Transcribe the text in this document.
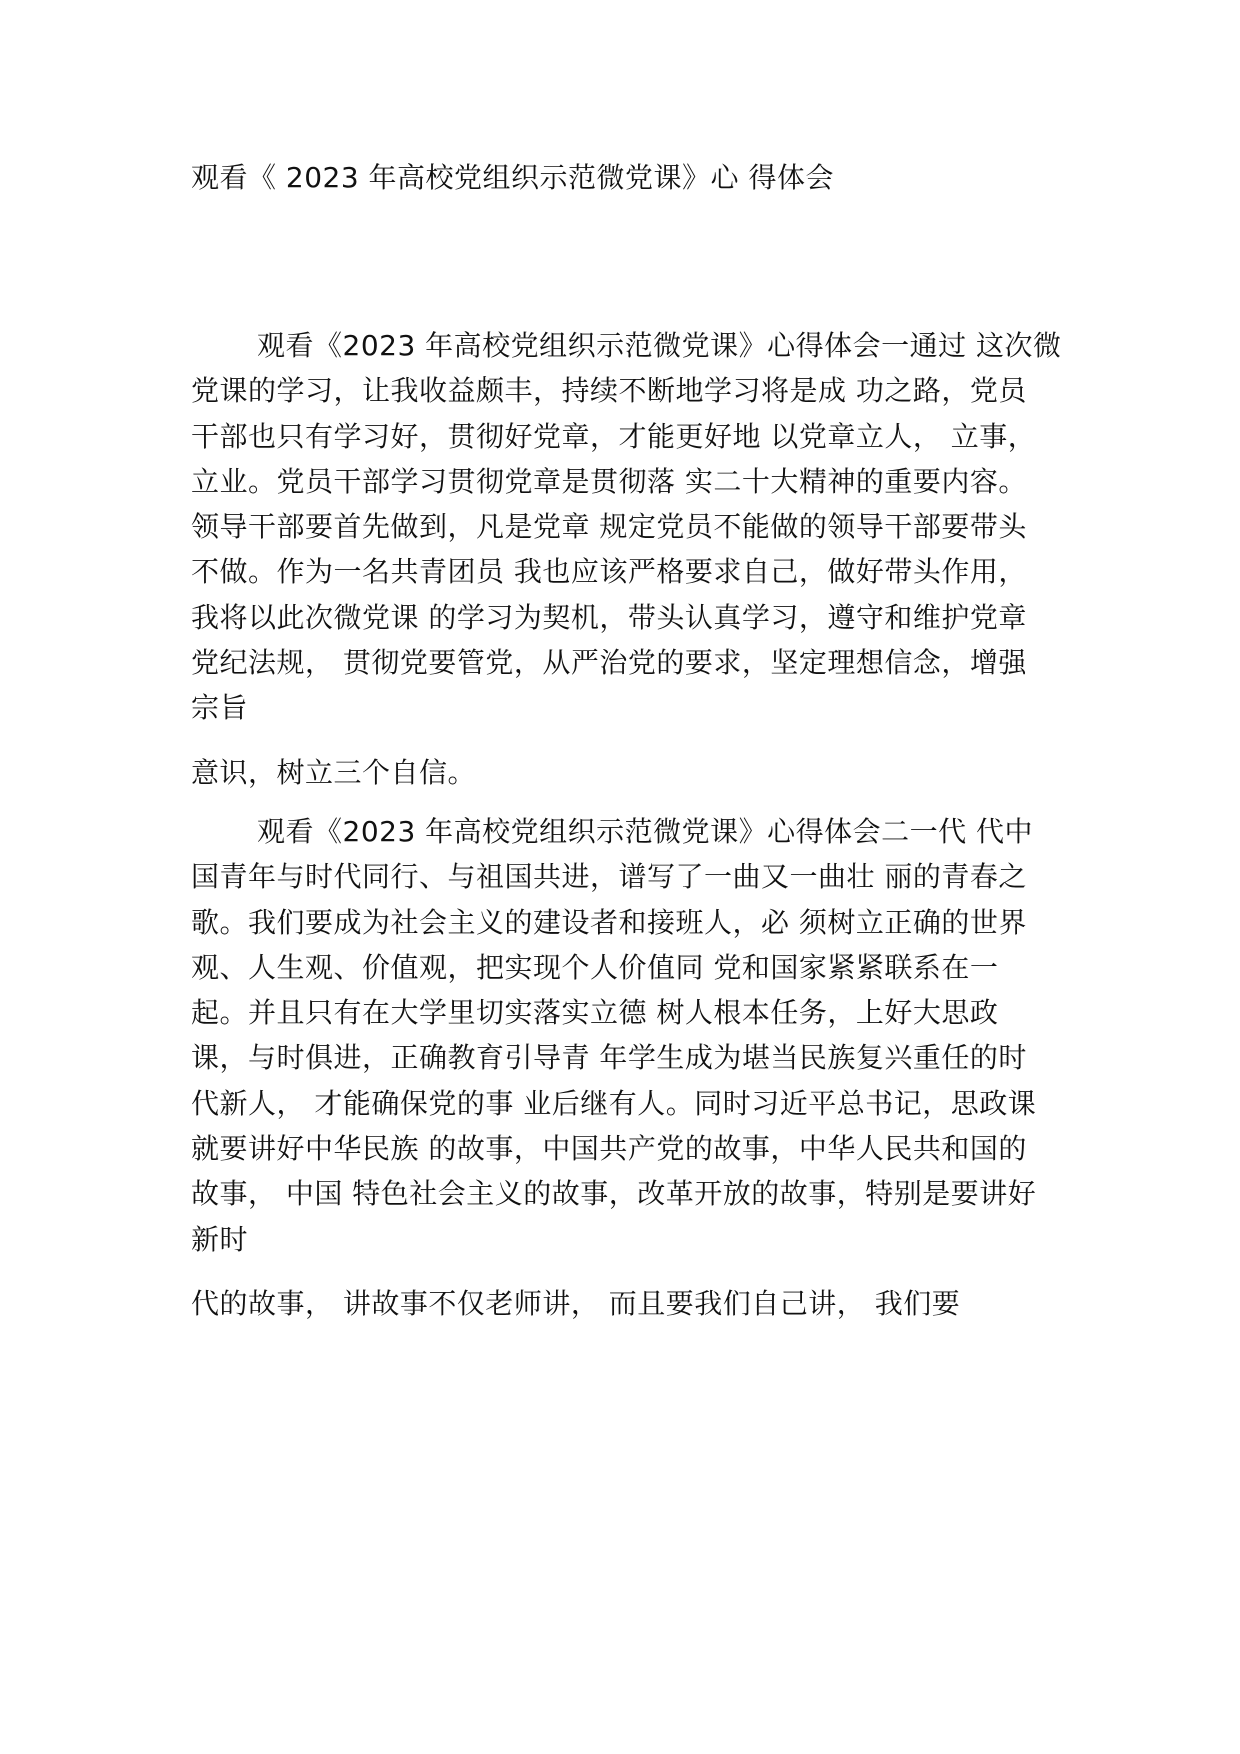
观看《 2023 年高校党组织示范微党课》心 得体会
观看《2023 年高校党组织示范微党课》心得体会一通过 这次微
党课的学习，让我收益颇丰，持续不断地学习将是成 功之路，党员
干部也只有学习好，贯彻好党章，才能更好地 以党章立人， 立事，
立业。党员干部学习贯彻党章是贯彻落 实二十大精神的重要内容。
领导干部要首先做到，凡是党章 规定党员不能做的领导干部要带头
不做。作为一名共青团员 我也应该严格要求自己，做好带头作用，
我将以此次微党课 的学习为契机，带头认真学习，遵守和维护党章
党纪法规， 贯彻党要管党，从严治党的要求，坚定理想信念，增强
宗旨
意识，树立三个自信。
观看《2023 年高校党组织示范微党课》心得体会二一代 代中
国青年与时代同行、与祖国共进，谱写了一曲又一曲壮 丽的青春之
歌。我们要成为社会主义的建设者和接班人，必 须树立正确的世界
观、人生观、价值观，把实现个人价值同 党和国家紧紧联系在一
起。并且只有在大学里切实落实立德 树人根本任务，上好大思政
课，与时俱进，正确教育引导青 年学生成为堪当民族复兴重任的时
代新人， 才能确保党的事 业后继有人。同时习近平总书记，思政课
就要讲好中华民族 的故事，中国共产党的故事，中华人民共和国的
故事， 中国 特色社会主义的故事，改革开放的故事，特别是要讲好
新时
代的故事， 讲故事不仅老师讲， 而且要我们自己讲， 我们要
